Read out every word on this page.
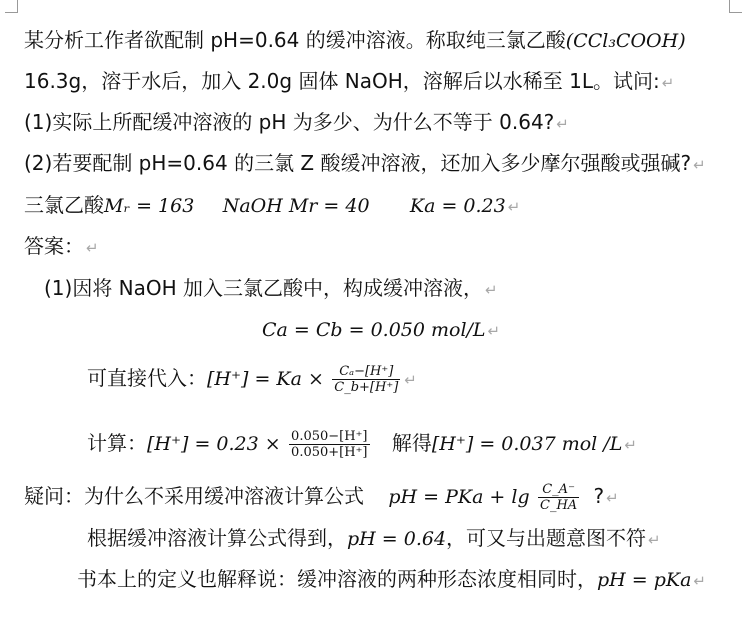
某分析工作者欲配制 pH=0.64 的缓冲溶液。称取纯三氯乙酸(CCl₃COOH)
16.3g，溶于水后，加入 2.0g 固体 NaOH，溶解后以水稀至 1L。试问: ↵
(1)实际上所配缓冲溶液的 pH 为多少、为什么不等于 0.64? ↵
(2)若要配制 pH=0.64 的三氯 Z 酸缓冲溶液，还加入多少摩尔强酸或强碱? ↵
三氯乙酸Mᵣ = 163 NaOH Mr = 40 Ka = 0.23 ↵
答案： ↵
(1)因将 NaOH 加入三氯乙酸中，构成缓冲溶液， ↵
Ca = Cb = 0.050 mol/L ↵
可直接代入：$[H^+] = Ka \times \frac{\text{Cₐ−[H⁺]}}{C\_b+[H^+]}$ ↵
计算：$[H^+] = 0.23 \times \frac{0.050-[H^+]}{0.050+[H^+]}$ 解得[H⁺] = 0.037 mol /L ↵
疑问：为什么不采用缓冲溶液计算公式 pH = PKa + $\lg \frac{C\_A^-}{C\_HA}$ ? ↵
根据缓冲溶液计算公式得到，pH = 0.64，可又与出题意图不符 ↵
书本上的定义也解释说：缓冲溶液的两种形态浓度相同时，pH = pKa ↵
